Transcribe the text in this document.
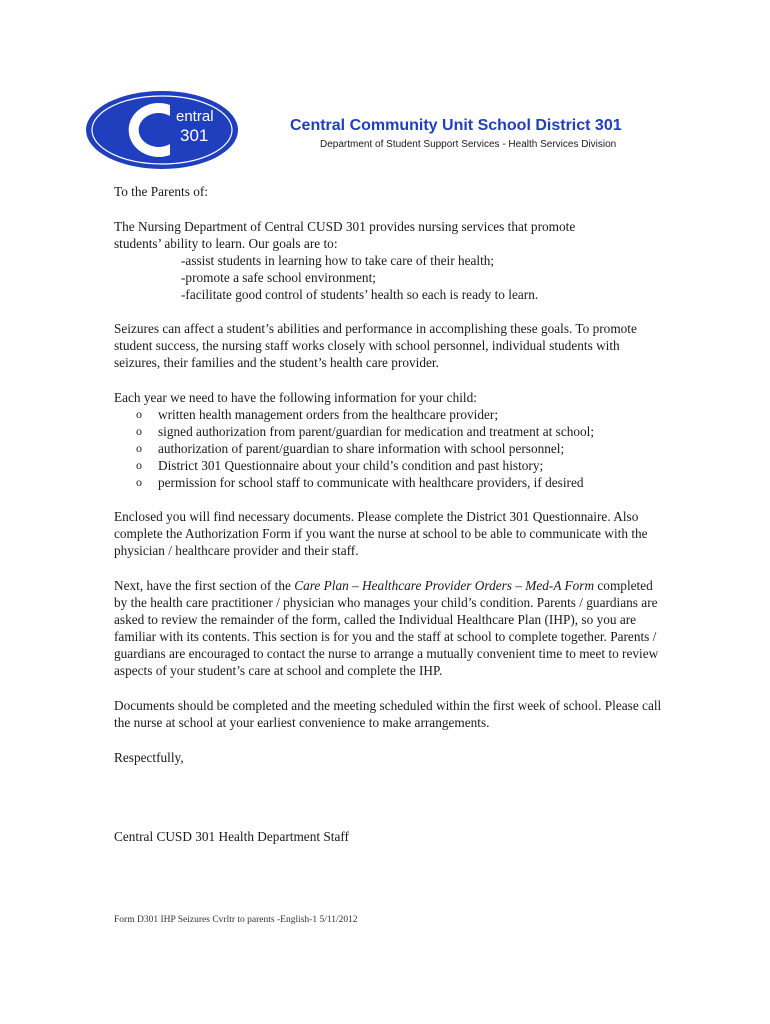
entral
301
Central Community Unit School District 301
Department of Student Support Services - Health Services Division

To the Parents of:

The Nursing Department of Central CUSD 301 provides nursing services that promote

students’ ability to learn. Our goals are to:

-assist students in learning how to take care of their health;
-promote a safe school environment;
-facilitate good control of students’ health so each is ready to learn.

Seizures can affect a student’s abilities and performance in accomplishing these goals. To promote student success, the nursing staff works closely with school personnel, individual students with seizures, their families and the student’s health care provider.

Each year we need to have the following information for your child:

o written health management orders from the healthcare provider;
o signed authorization from parent/guardian for medication and treatment at school;
o authorization of parent/guardian to share information with school personnel;
o District 301 Questionnaire about your child’s condition and past history;
o permission for school staff to communicate with healthcare providers, if desired

Enclosed you will find necessary documents. Please complete the District 301 Questionnaire. Also complete the Authorization Form if you want the nurse at school to be able to communicate with the physician / healthcare provider and their staff.

Next, have the first section of the Care Plan – Healthcare Provider Orders – Med-A Form completed by the health care practitioner / physician who manages your child’s condition. Parents / guardians are asked to review the remainder of the form, called the Individual Healthcare Plan (IHP), so you are familiar with its contents. This section is for you and the staff at school to complete together. Parents / guardians are encouraged to contact the nurse to arrange a mutually convenient time to meet to review aspects of your student’s care at school and complete the IHP.

Documents should be completed and the meeting scheduled within the first week of school. Please call the nurse at school at your earliest convenience to make arrangements.

Respectfully,

Central CUSD 301 Health Department Staff

Form D301 IHP Seizures Cvrltr to parents -English-1 5/11/2012
